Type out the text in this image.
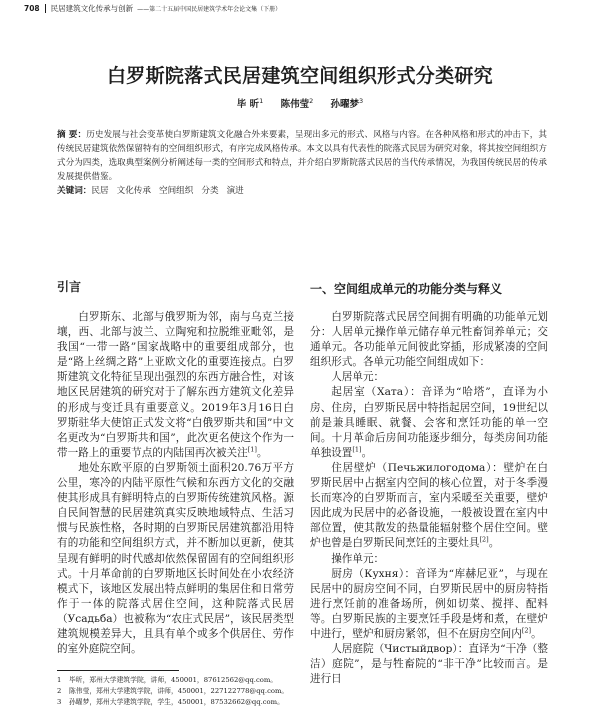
708 民居建筑文化传承与创新 ——第二十五届中国民居建筑学术年会论文集（下册）
白罗斯院落式民居建筑空间组织形式分类研究
毕 昕$^1$ 陈伟莹$^2$ 孙曜梦$^3$

摘 要：历史发展与社会变革使白罗斯建筑文化融合外来要素，呈现出多元的形式、风格与内容。在各种风格和形式的冲击下，其传统民居建筑依然保留特有的空间组织形式，有序完成风格传承。本文以具有代表性的院落式民居为研究对象，将其按空间组织方式分为四类，选取典型案例分析阐述每一类的空间形式和特点，并介绍白罗斯院落式民居的当代传承情况，为我国传统民居的传承发展提供借鉴。

关键词：民居 文化传承 空间组织 分类 演进

引言

白罗斯东、北部与俄罗斯为邻，南与乌克兰接壤，西、北部与波兰、立陶宛和拉脱维亚毗邻，是我国“一带一路”国家战略中的重要组成部分，也是“路上丝绸之路”上亚欧文化的重要连接点。白罗斯建筑文化特征呈现出强烈的东西方融合性，对该地区民居建筑的研究对于了解东西方建筑文化差异的形成与变迁具有重要意义。2019年3月16日白罗斯驻华大使馆正式发文将“白俄罗斯共和国”中文名更改为“白罗斯共和国”，此次更名使这个作为一带一路上的重要节点的内陆国再次被关注[1]。

地处东欧平原的白罗斯领土面积20.76万平方公里，寒冷的内陆平原性气候和东西方文化的交融使其形成具有鲜明特点的白罗斯传统建筑风格。源自民间智慧的民居建筑真实反映地域特点、生活习惯与民族性格，各时期的白罗斯民居建筑都沿用特有的功能和空间组织方式，并不断加以更新，使其呈现有鲜明的时代感却依然保留固有的空间组织形式。十月革命前的白罗斯地区长时间处在小农经济模式下，该地区发展出特点鲜明的集居住和日常劳作于一体的院落式居住空间，这种院落式民居（Усадьба）也被称为“农庄式民居”，该民居类型建筑规模差异大，且具有单个或多个供居住、劳作的室外庭院空间。

一、空间组成单元的功能分类与释义

白罗斯院落式民居空间拥有明确的功能单元划分：人居单元操作单元储存单元牲畜饲养单元；交通单元。各功能单元间彼此穿插，形成紧凑的空间组织形式。各单元功能空间组成如下：

人居单元：

起居室（Хата）：音译为“哈塔”，直译为小房、住房，白罗斯民居中特指起居空间，19世纪以前是兼具睡眠、就餐、会客和烹饪功能的单一空间。十月革命后房间功能逐步细分，每类房间功能单独设置[1]。

住居壁炉（Печьжилогодома）：壁炉在白罗斯民居中占据室内空间的核心位置，对于冬季漫长而寒冷的白罗斯而言，室内采暖至关重要，壁炉因此成为民居中的必备设施，一般被设置在室内中部位置，使其散发的热量能辐射整个居住空间。壁炉也曾是白罗斯民间烹饪的主要灶具[2]。

操作单元：

厨房（Кухня）：音译为“库赫尼亚”，与现在民居中的厨房空间不同，白罗斯民居中的厨房特指进行烹饪前的准备场所，例如切菜、搅拌、配料等。白罗斯民族的主要烹饪手段是烤和煮，在壁炉中进行，壁炉和厨房紧邻，但不在厨房空间内[2]。

人居庭院（Чистыйдвор）：直译为“干净（整洁）庭院”，是与牲畜院的“非干净”比较而言。是进行日

1 毕昕，郑州大学建筑学院，讲师，450001，87612562@qq.com。
2 陈伟莹，郑州大学建筑学院，讲师，450001，227122778@qq.com。
3 孙曜梦，郑州大学建筑学院，学生，450001，87532662@qq.com。
